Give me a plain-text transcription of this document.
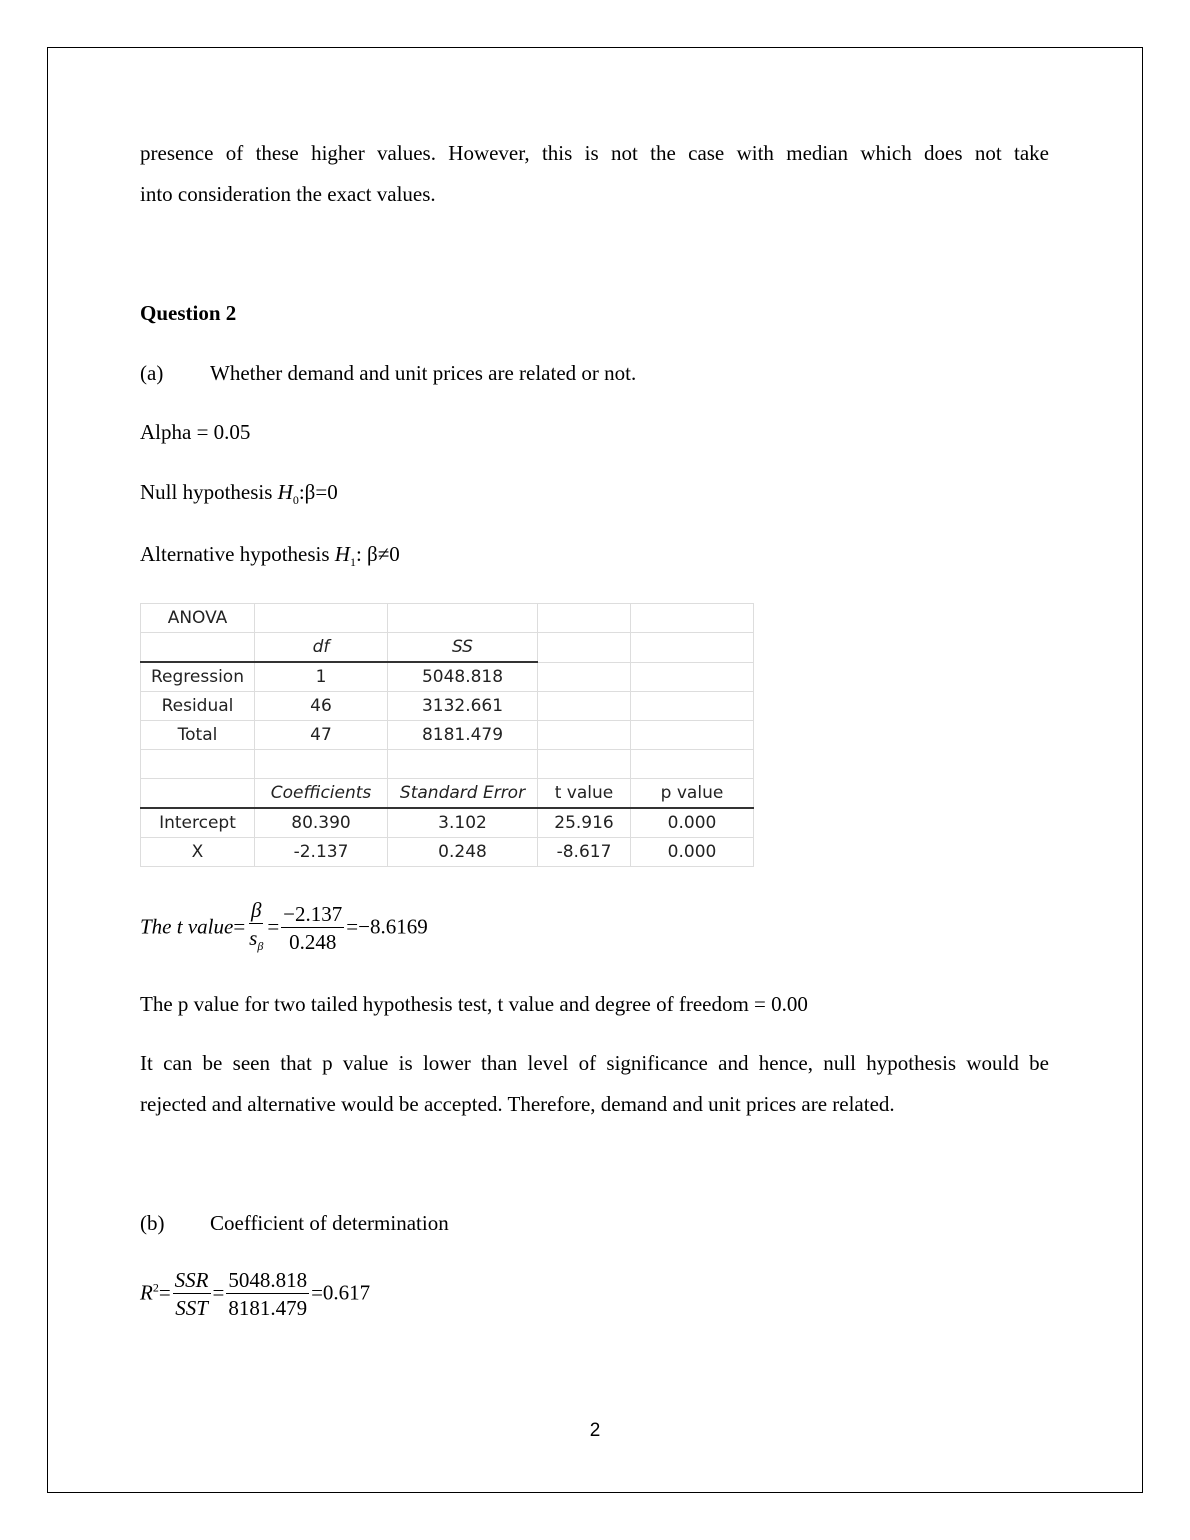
presence of these higher values. However, this is not the case with median which does not take
into consideration the exact values.
Question 2
(a) Whether demand and unit prices are related or not.
Alpha = 0.05
Null hypothesis $H_0:\beta=0$
Alternative hypothesis $H_1$: β≠0
ANOVA				
	df	SS		
Regression	1	5048.818		
Residual	46	3132.661		
Total	47	8181.479		

	Coefficients	Standard Error	t value	p value
Intercept	80.390	3.102	25.916	0.000
X	-2.137	0.248	-8.617	0.000
The t value= $\frac{\beta}{s_\beta} = \frac{-2.137}{0.248} =-8.6169$
The p value for two tailed hypothesis test, t value and degree of freedom = 0.00
It can be seen that p value is lower than level of significance and hence, null hypothesis would be
rejected and alternative would be accepted. Therefore, demand and unit prices are related.
(b) Coefficient of determination
$R^2= \frac{\text{SSR}}{\text{SST}} = \frac{5048.818}{8181.479} =0.617$
2
